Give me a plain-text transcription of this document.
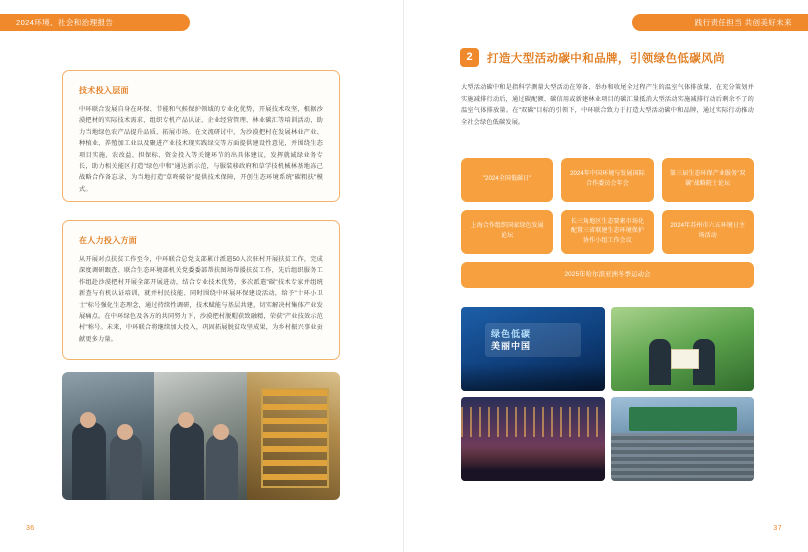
2024环境、社会和治理报告
技术投入层面
中环联合发展自身在环保、节能和气候保护领域的专业化优势，开展技术攻坚，根据沙漠把材的实际技术需求，组织专机产品认证、企业经营管理、林业碳汇等培训活动，助力当地绿色农产品提升品质、拓展市场。在文流研讨中，为沙漠把村在发展林业产业、种植业、养殖加工业以及聚进产业技术现实践绿交等方面提供建设性意见，并围绕生态项目实施、农改益、担保标、资金投入等关键环节的出具体建议，发挥就诚绿业务专长，助力相关能区打造"绿色中和"通达新示范，与服装移政府和草学技机械林基地冻己战略合作备忘录，为当地打造"草咚破谷"提供技术保障，开创生态环境系统"碳粗扶"模式。
在人力投入方面
从开展对点扶贫工作至今，中环联合总党支部累计派遣50人次驻村开展扶贫工作，完成深度调研跟查、联合生态环境部机关党委委部帮扶图场帮援扶贫工作，先后组织服务工作组赴沙漠把村开展全部开展进动，结合专业技术优势，多次派遣"碳"技术专家并组统新查与有机认证培训，就并村民技能、同时围绕中环展环保建设活动，给予"十环小卫士"标号强化生态理念，通过持续性调研，技术赋能与基层共建，切实解决村集体产业发展痛点。在中环绿色及各方的共同努力下，沙漠把村脱帽获致融精，荣获"产业技效示范村"称号。未来，中环联合将继续加大投入，巩固拓展脱贫攻坚成果，为乡村振兴事业贡献更多力量。
36
践行责任担当 共创美好未来
2	打造大型活动碳中和品牌，引领绿色低碳风尚
大型活动碳中和是指科学测量大型活动在筹备、举办和收尾全过程产生的温室气体排放量，在充分策划并实施减排行动后，通过碳配额、碳信用或新建林业项目的碳汇量抵消大型活动实施减排行动后剩余不了的温室气体排放量。在"双碳"目标的引领下，中环联合致力于打造大型活动碳中和品牌，通过实际行动推动全社会绿色低碳发展。
"2024全国低碳日"
2024年中国环境与发展国际合作委员会年会
第三届生态环保产业服务"双碳"战略院士论坛
上海合作组织国家绿色发展论坛
长三角地区生态要素市场化配置三省联建生态环境保护协作小组工作会议
2024年苏州市六五环境日主场活动
2025年哈尔滨亚洲冬季运动会
绿色低碳
美丽中国
37
